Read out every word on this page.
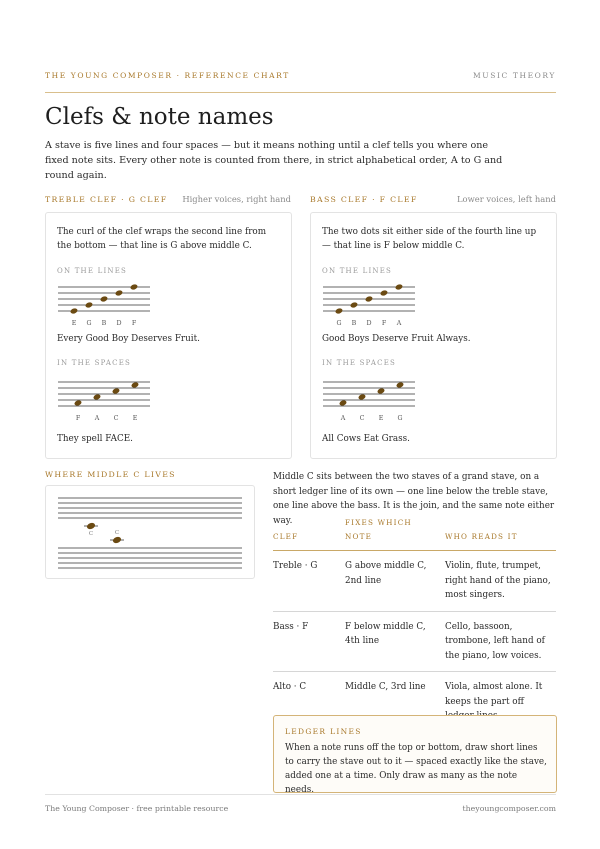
THE YOUNG COMPOSER · REFERENCE CHART	MUSIC THEORY
Clefs & note names

A stave is five lines and four spaces — but it means nothing until a clef tells you where one fixed note sits. Every other note is counted from there, in strict alphabetical order, A to G and round again.

TREBLE CLEF · G CLEF	Higher voices, right hand

The curl of the clef wraps the second line from the bottom — that line is G above middle C.

ON THE LINES
E G B D F
Every Good Boy Deserves Fruit.
IN THE SPACES
F A C E
They spell FACE.
BASS CLEF · F CLEF	Lower voices, left hand

The two dots sit either side of the fourth line up — that line is F below middle C.

ON THE LINES
G B D F A
Good Boys Deserve Fruit Always.
IN THE SPACES
A C E G
All Cows Eat Grass.
WHERE MIDDLE C LIVES
C	C

Middle C sits between the two staves of a grand stave, on a short ledger line of its own — one line below the treble stave, one line above the bass. It is the join, and the same note either way.

CLEF	FIXES WHICH NOTE	WHO READS IT
Treble · G	G above middle C, 2nd line	Violin, flute, trumpet, right hand of the piano, most singers.
Bass · F	F below middle C, 4th line	Cello, bassoon, trombone, left hand of the piano, low voices.
Alto · C	Middle C, 3rd line	Viola, almost alone. It keeps the part off
LEDGER LINES

When a note runs off the top or bottom, draw short lines to carry the stave out to it — spaced exactly like the stave, added one at a time. Only draw as many as the note needs.

The Young Composer · free printable resource	theyoungcomposer.com
